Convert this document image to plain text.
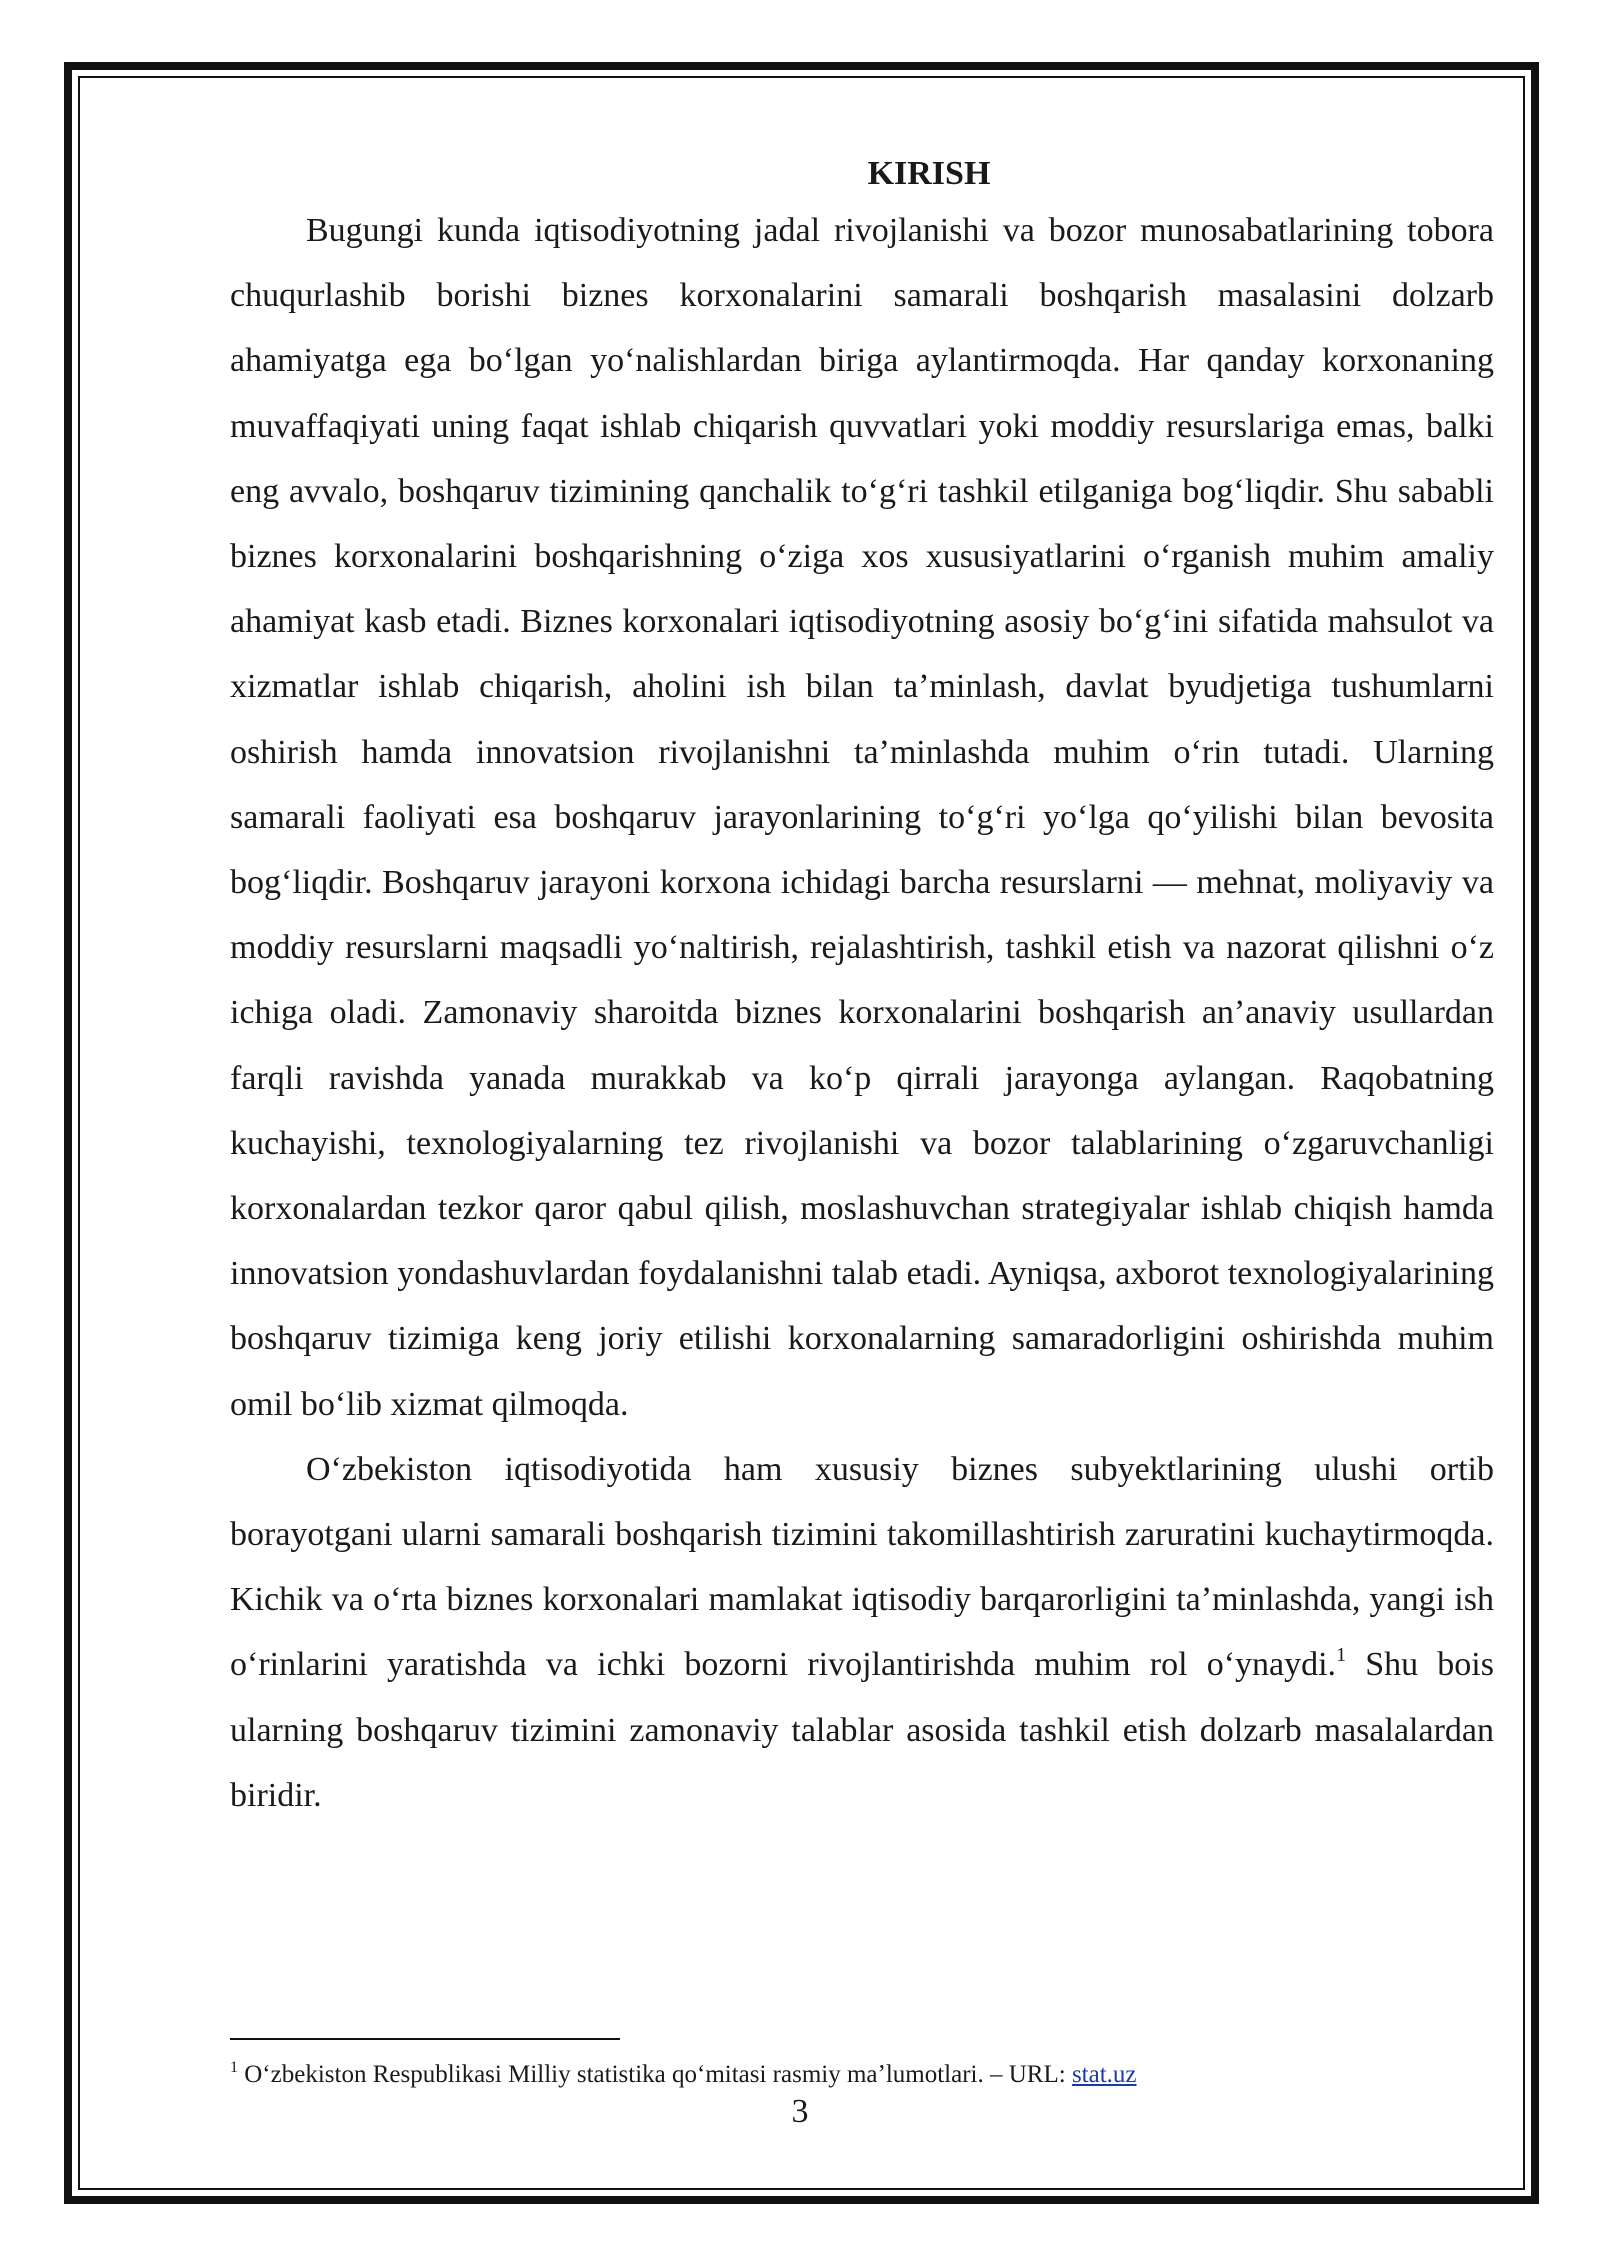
KIRISH

Bugungi kunda iqtisodiyotning jadal rivojlanishi va bozor munosabatlarining tobora chuqurlashib borishi biznes korxonalarini samarali boshqarish masalasini dolzarb ahamiyatga ega boʻlgan yoʻnalishlardan biriga aylantirmoqda. Har qanday korxonaning muvaffaqiyati uning faqat ishlab chiqarish quvvatlari yoki moddiy resurslariga emas, balki eng avvalo, boshqaruv tizimining qanchalik toʻgʻri tashkil etilganiga bogʻliqdir. Shu sababli biznes korxonalarini boshqarishning oʻziga xos xususiyatlarini oʻrganish muhim amaliy ahamiyat kasb etadi. Biznes korxonalari iqtisodiyotning asosiy boʻgʻini sifatida mahsulot va xizmatlar ishlab chiqarish, aholini ish bilan taʼminlash, davlat byudjetiga tushumlarni oshirish hamda innovatsion rivojlanishni taʼminlashda muhim oʻrin tutadi. Ularning samarali faoliyati esa boshqaruv jarayonlarining toʻgʻri yoʻlga qoʻyilishi bilan bevosita bogʻliqdir. Boshqaruv jarayoni korxona ichidagi barcha resurslarni — mehnat, moliyaviy va moddiy resurslarni maqsadli yoʻnaltirish, rejalashtirish, tashkil etish va nazorat qilishni oʻz ichiga oladi. Zamonaviy sharoitda biznes korxonalarini boshqarish anʼanaviy usullardan farqli ravishda yanada murakkab va koʻp qirrali jarayonga aylangan. Raqobatning kuchayishi, texnologiyalarning tez rivojlanishi va bozor talablarining oʻzgaruvchanligi korxonalardan tezkor qaror qabul qilish, moslashuvchan strategiyalar ishlab chiqish hamda innovatsion yondashuvlardan foydalanishni talab etadi. Ayniqsa, axborot texnologiyalarining boshqaruv tizimiga keng joriy etilishi korxonalarning samaradorligini oshirishda muhim omil boʻlib xizmat qilmoqda.

Oʻzbekiston iqtisodiyotida ham xususiy biznes subyektlarining ulushi ortib borayotgani ularni samarali boshqarish tizimini takomillashtirish zaruratini kuchaytirmoqda. Kichik va oʻrta biznes korxonalari mamlakat iqtisodiy barqarorligini taʼminlashda, yangi ish oʻrinlarini yaratishda va ichki bozorni rivojlantirishda muhim rol oʻynaydi.$^1$ Shu bois ularning boshqaruv tizimini zamonaviy talablar asosida tashkil etish dolzarb masalalardan biridir.

$^1$ Oʻzbekiston Respublikasi Milliy statistika qoʻmitasi rasmiy maʼlumotlari. – URL: stat.uz

3
